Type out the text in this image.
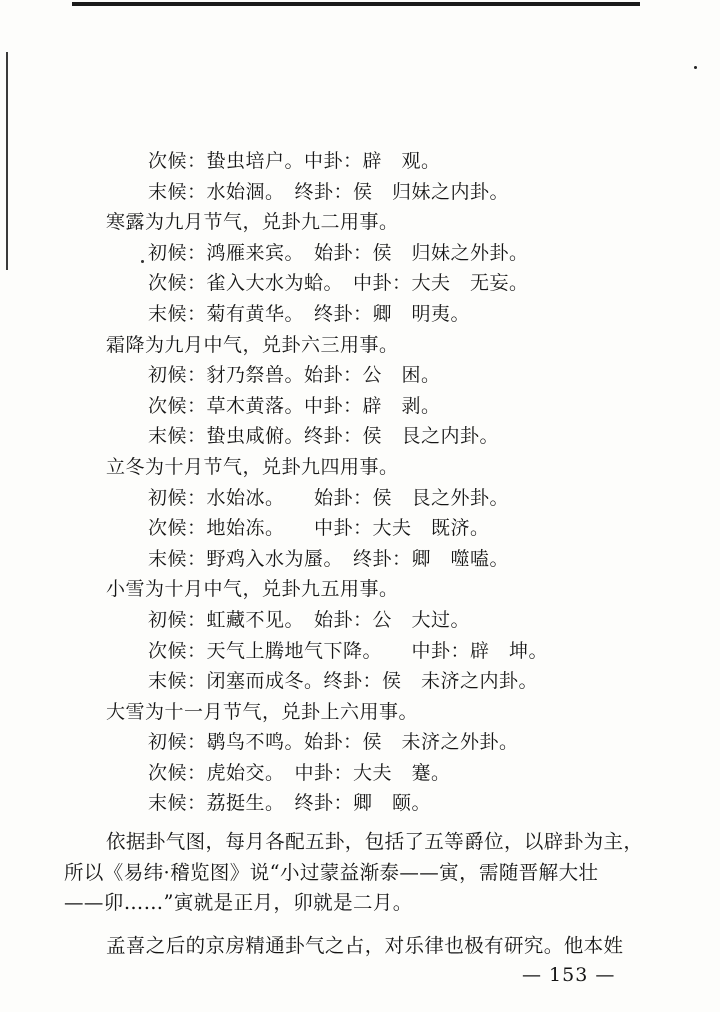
次候：蛰虫培户。中卦：辟　观。
末候：水始涸。　终卦：侯　归妹之内卦。
寒露为九月节气，兑卦九二用事。
初候：鸿雁来宾。　始卦：侯　归妹之外卦。
次候：雀入大水为蛤。　中卦：大夫　无妄。
末候：菊有黄华。　终卦：卿　明夷。
霜降为九月中气，兑卦六三用事。
初候：豺乃祭兽。始卦：公　困。
次候：草木黄落。中卦：辟　剥。
末候：蛰虫咸俯。终卦：侯　艮之内卦。
立冬为十月节气，兑卦九四用事。
初候：水始冰。　　始卦：侯　艮之外卦。
次候：地始冻。　　中卦：大夫　既济。
末候：野鸡入水为蜃。　终卦：卿　噬嗑。
小雪为十月中气，兑卦九五用事。
初候：虹藏不见。　始卦：公　大过。
次候：天气上腾地气下降。　　中卦：辟　坤。
末候：闭塞而成冬。终卦：侯　未济之内卦。
大雪为十一月节气，兑卦上六用事。
初候：鹖鸟不鸣。始卦：侯　未济之外卦。
次候：虎始交。　中卦：大夫　蹇。
末候：荔挺生。　终卦：卿　颐。
依据卦气图，每月各配五卦，包括了五等爵位，以辟卦为主，
所以《易纬·稽览图》说“小过蒙益渐泰——寅，需随晋解大壮
——卯……”寅就是正月，卯就是二月。
孟喜之后的京房精通卦气之占，对乐律也极有研究。他本姓
— 153 —
